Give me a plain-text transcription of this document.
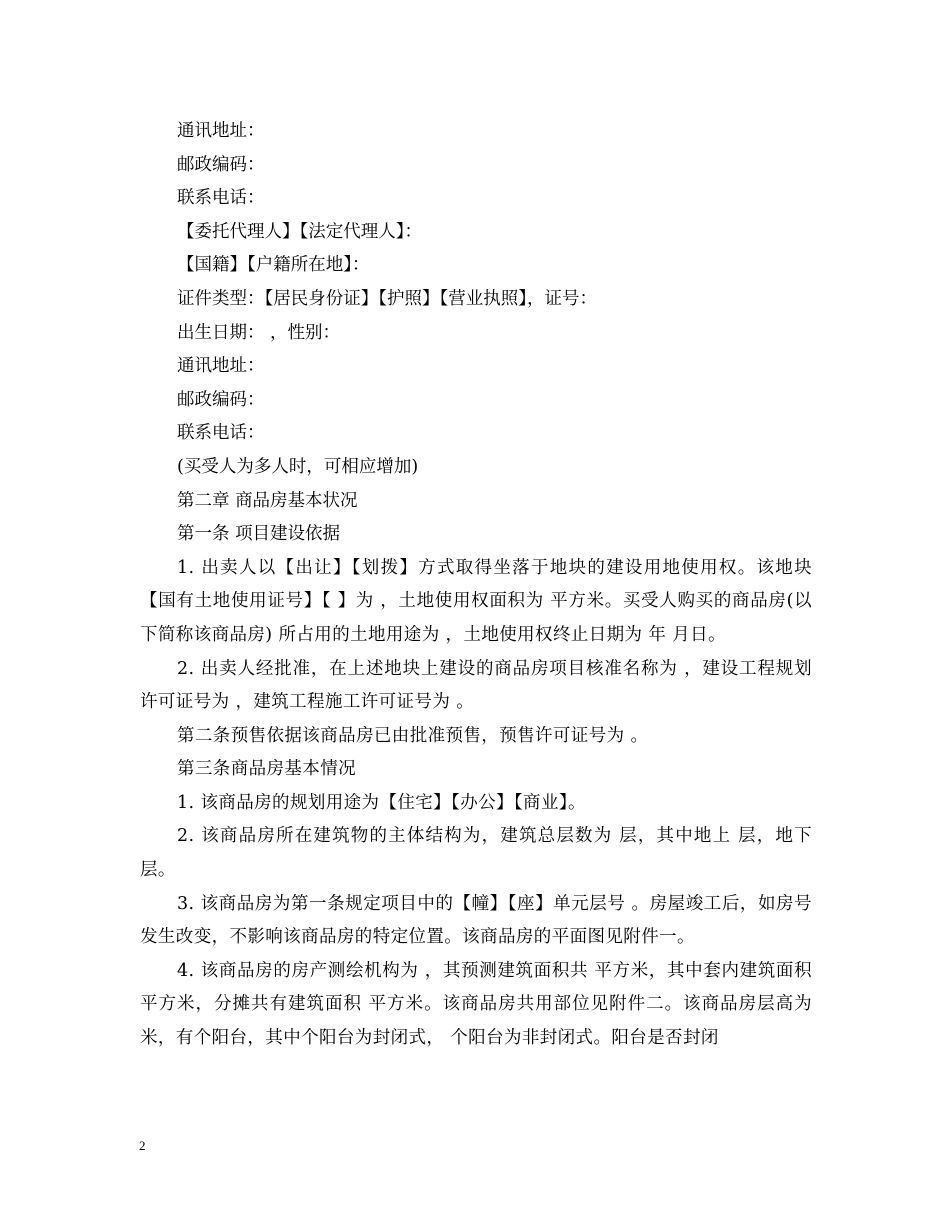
通讯地址：
邮政编码：
联系电话：
【委托代理人】【法定代理人】：
【国籍】【户籍所在地】：
证件类型：【居民身份证】【护照】【营业执照】，证号：
出生日期： ，性别：
通讯地址：
邮政编码：
联系电话：
(买受人为多人时，可相应增加)
第二章 商品房基本状况
第一条 项目建设依据
1. 出卖人以【出让】【划拨】方式取得坐落于地块的建设用地使用权。该地块【国有土地使用证号】【 】为 ，土地使用权面积为 平方米。买受人购买的商品房(以下简称该商品房) 所占用的土地用途为 ，土地使用权终止日期为 年 月日。
2. 出卖人经批准，在上述地块上建设的商品房项目核准名称为 ，建设工程规划许可证号为 ，建筑工程施工许可证号为 。
第二条预售依据该商品房已由批准预售，预售许可证号为 。
第三条商品房基本情况
1. 该商品房的规划用途为【住宅】【办公】【商业】。
2. 该商品房所在建筑物的主体结构为，建筑总层数为 层，其中地上 层，地下 层。
3. 该商品房为第一条规定项目中的【幢】【座】单元层号 。房屋竣工后，如房号发生改变，不影响该商品房的特定位置。该商品房的平面图见附件一。
4. 该商品房的房产测绘机构为 ，其预测建筑面积共 平方米，其中套内建筑面积 平方米，分摊共有建筑面积 平方米。该商品房共用部位见附件二。该商品房层高为 米，有个阳台，其中个阳台为封闭式， 个阳台为非封闭式。阳台是否封闭
2
